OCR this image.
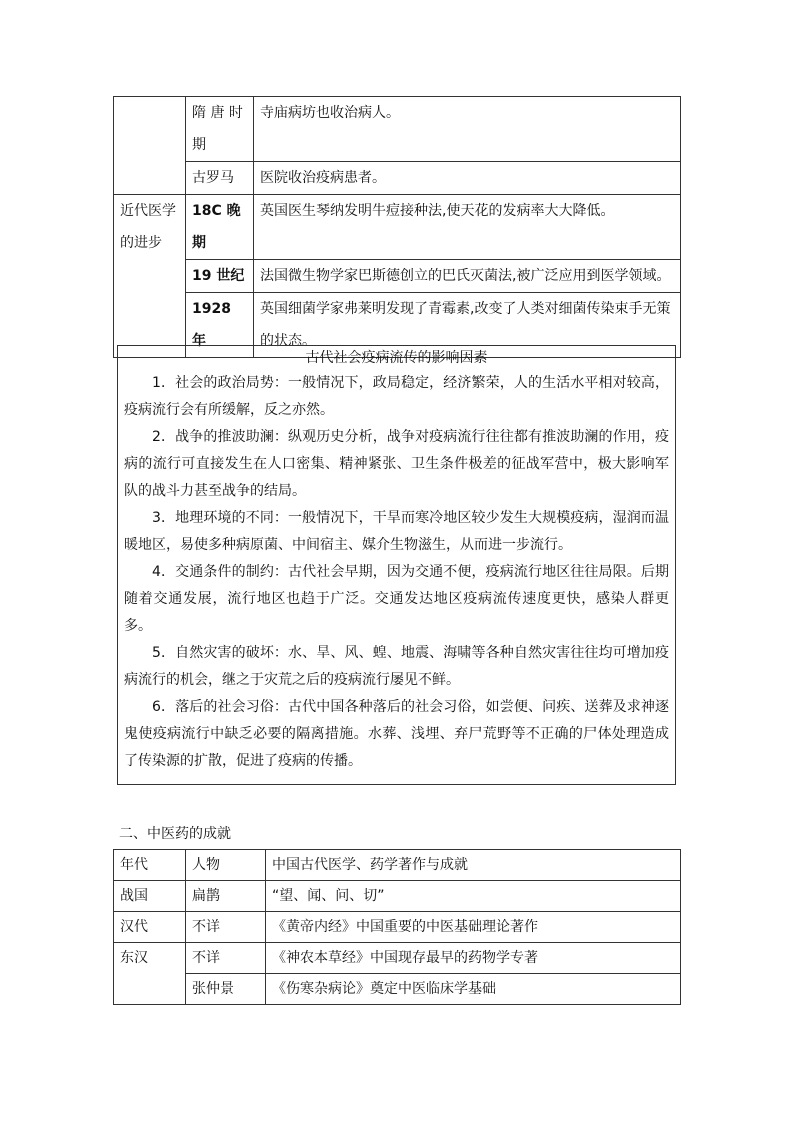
	隋 唐 时 期	寺庙病坊也收治病人。
	古罗马	医院收治疫病患者。
近代医学的进步	18C 晚期	英国医生琴纳发明牛痘接种法,使天花的发病率大大降低。
	19 世纪	法国微生物学家巴斯德创立的巴氏灭菌法,被广泛应用到医学领域。
	1928 年	英国细菌学家弗莱明发现了青霉素,改变了人类对细菌传染束手无策的状态。
古代社会疫病流传的影响因素

1．社会的政治局势：一般情况下，政局稳定，经济繁荣，人的生活水平相对较高，疫病流行会有所缓解，反之亦然。

2．战争的推波助澜：纵观历史分析，战争对疫病流行往往都有推波助澜的作用，疫病的流行可直接发生在人口密集、精神紧张、卫生条件极差的征战军营中，极大影响军队的战斗力甚至战争的结局。

3．地理环境的不同：一般情况下，干旱而寒冷地区较少发生大规模疫病，湿润而温暖地区，易使多种病原菌、中间宿主、媒介生物滋生，从而进一步流行。

4．交通条件的制约：古代社会早期，因为交通不便，疫病流行地区往往局限。后期随着交通发展，流行地区也趋于广泛。交通发达地区疫病流传速度更快，感染人群更多。

5．自然灾害的破坏：水、旱、风、蝗、地震、海啸等各种自然灾害往往均可增加疫病流行的机会，继之于灾荒之后的疫病流行屡见不鲜。

6．落后的社会习俗：古代中国各种落后的社会习俗，如尝便、问疾、送葬及求神逐鬼使疫病流行中缺乏必要的隔离措施。水葬、浅埋、弃尸荒野等不正确的尸体处理造成了传染源的扩散，促进了疫病的传播。

二、中医药的成就
年代	人物	中国古代医学、药学著作与成就
战国	扁鹊	“望、闻、问、切”
汉代	不详	《黄帝内经》中国重要的中医基础理论著作
东汉	不详	《神农本草经》中国现存最早的药物学专著
	张仲景	《伤寒杂病论》奠定中医临床学基础
